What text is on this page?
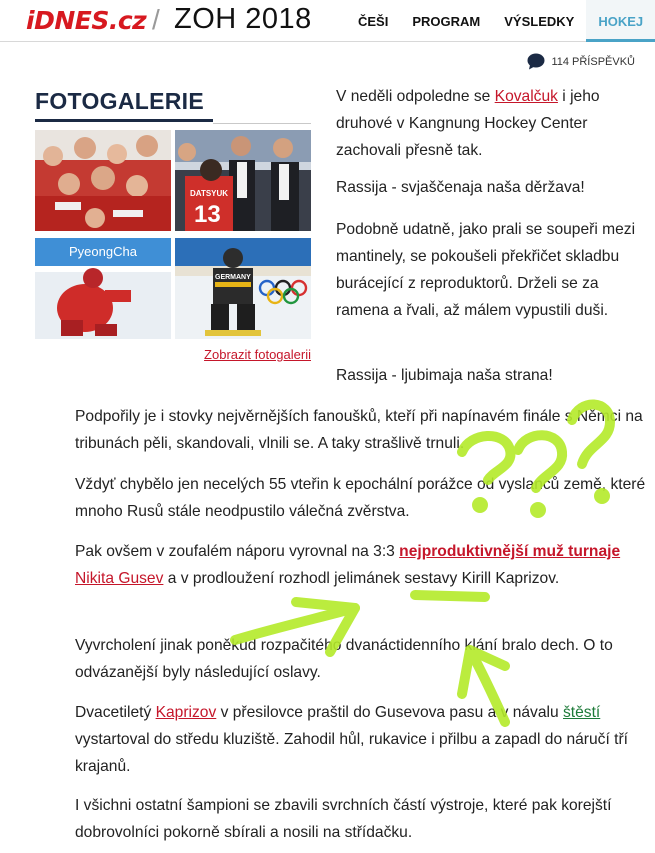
iDNES.cz / ZOH 2018	ČEŠI	PROGRAM	VÝSLEDKY	HOKEJ
114 PŘÍSPĚVKŮ
FOTOGALERIE
DATSYUK
13
PyeongCha
GERMANY
Zobrazit fotogalerii

V neděli odpoledne se Kovalčuk i jeho druhové v Kangnung Hockey Center zachovali přesně tak.

Rassija - svjaščenaja naša děržava!

Podobně udatně, jako prali se soupeři mezi mantinely, se pokoušeli překřičet skladbu burácející z reproduktorů. Drželi se za ramena a řvali, až málem vypustili duši.

Rassija - ljubimaja naša strana!

Podpořily je i stovky nejvěrnějších fanoušků, kteří při napínavém finále s Němci na tribunách pěli, skandovali, vlnili se. A taky strašlivě trnuli.

Vždyť chybělo jen necelých 55 vteřin k epochální porážce od vyslanců země, které mnoho Rusů stále neodpustilo válečná zvěrstva.

Pak ovšem v zoufalém náporu vyrovnal na 3:3 nejproduktivnější muž turnaje Nikita Gusev a v prodloužení rozhodl jelimánek sestavy Kirill Kaprizov.

Vyvrcholení jinak poněkud rozpačitého dvanáctidenního klání bralo dech. O to odvázanější byly následující oslavy.

Dvacetiletý Kaprizov v přesilovce praštil do Gusevova pasu a v návalu štěstí vystartoval do středu kluziště. Zahodil hůl, rukavice i přilbu a zapadl do náručí tří krajanů.

I všichni ostatní šampioni se zbavili svrchních částí výstroje, které pak korejští dobrovolníci pokorně sbírali a nosili na střídačku.
